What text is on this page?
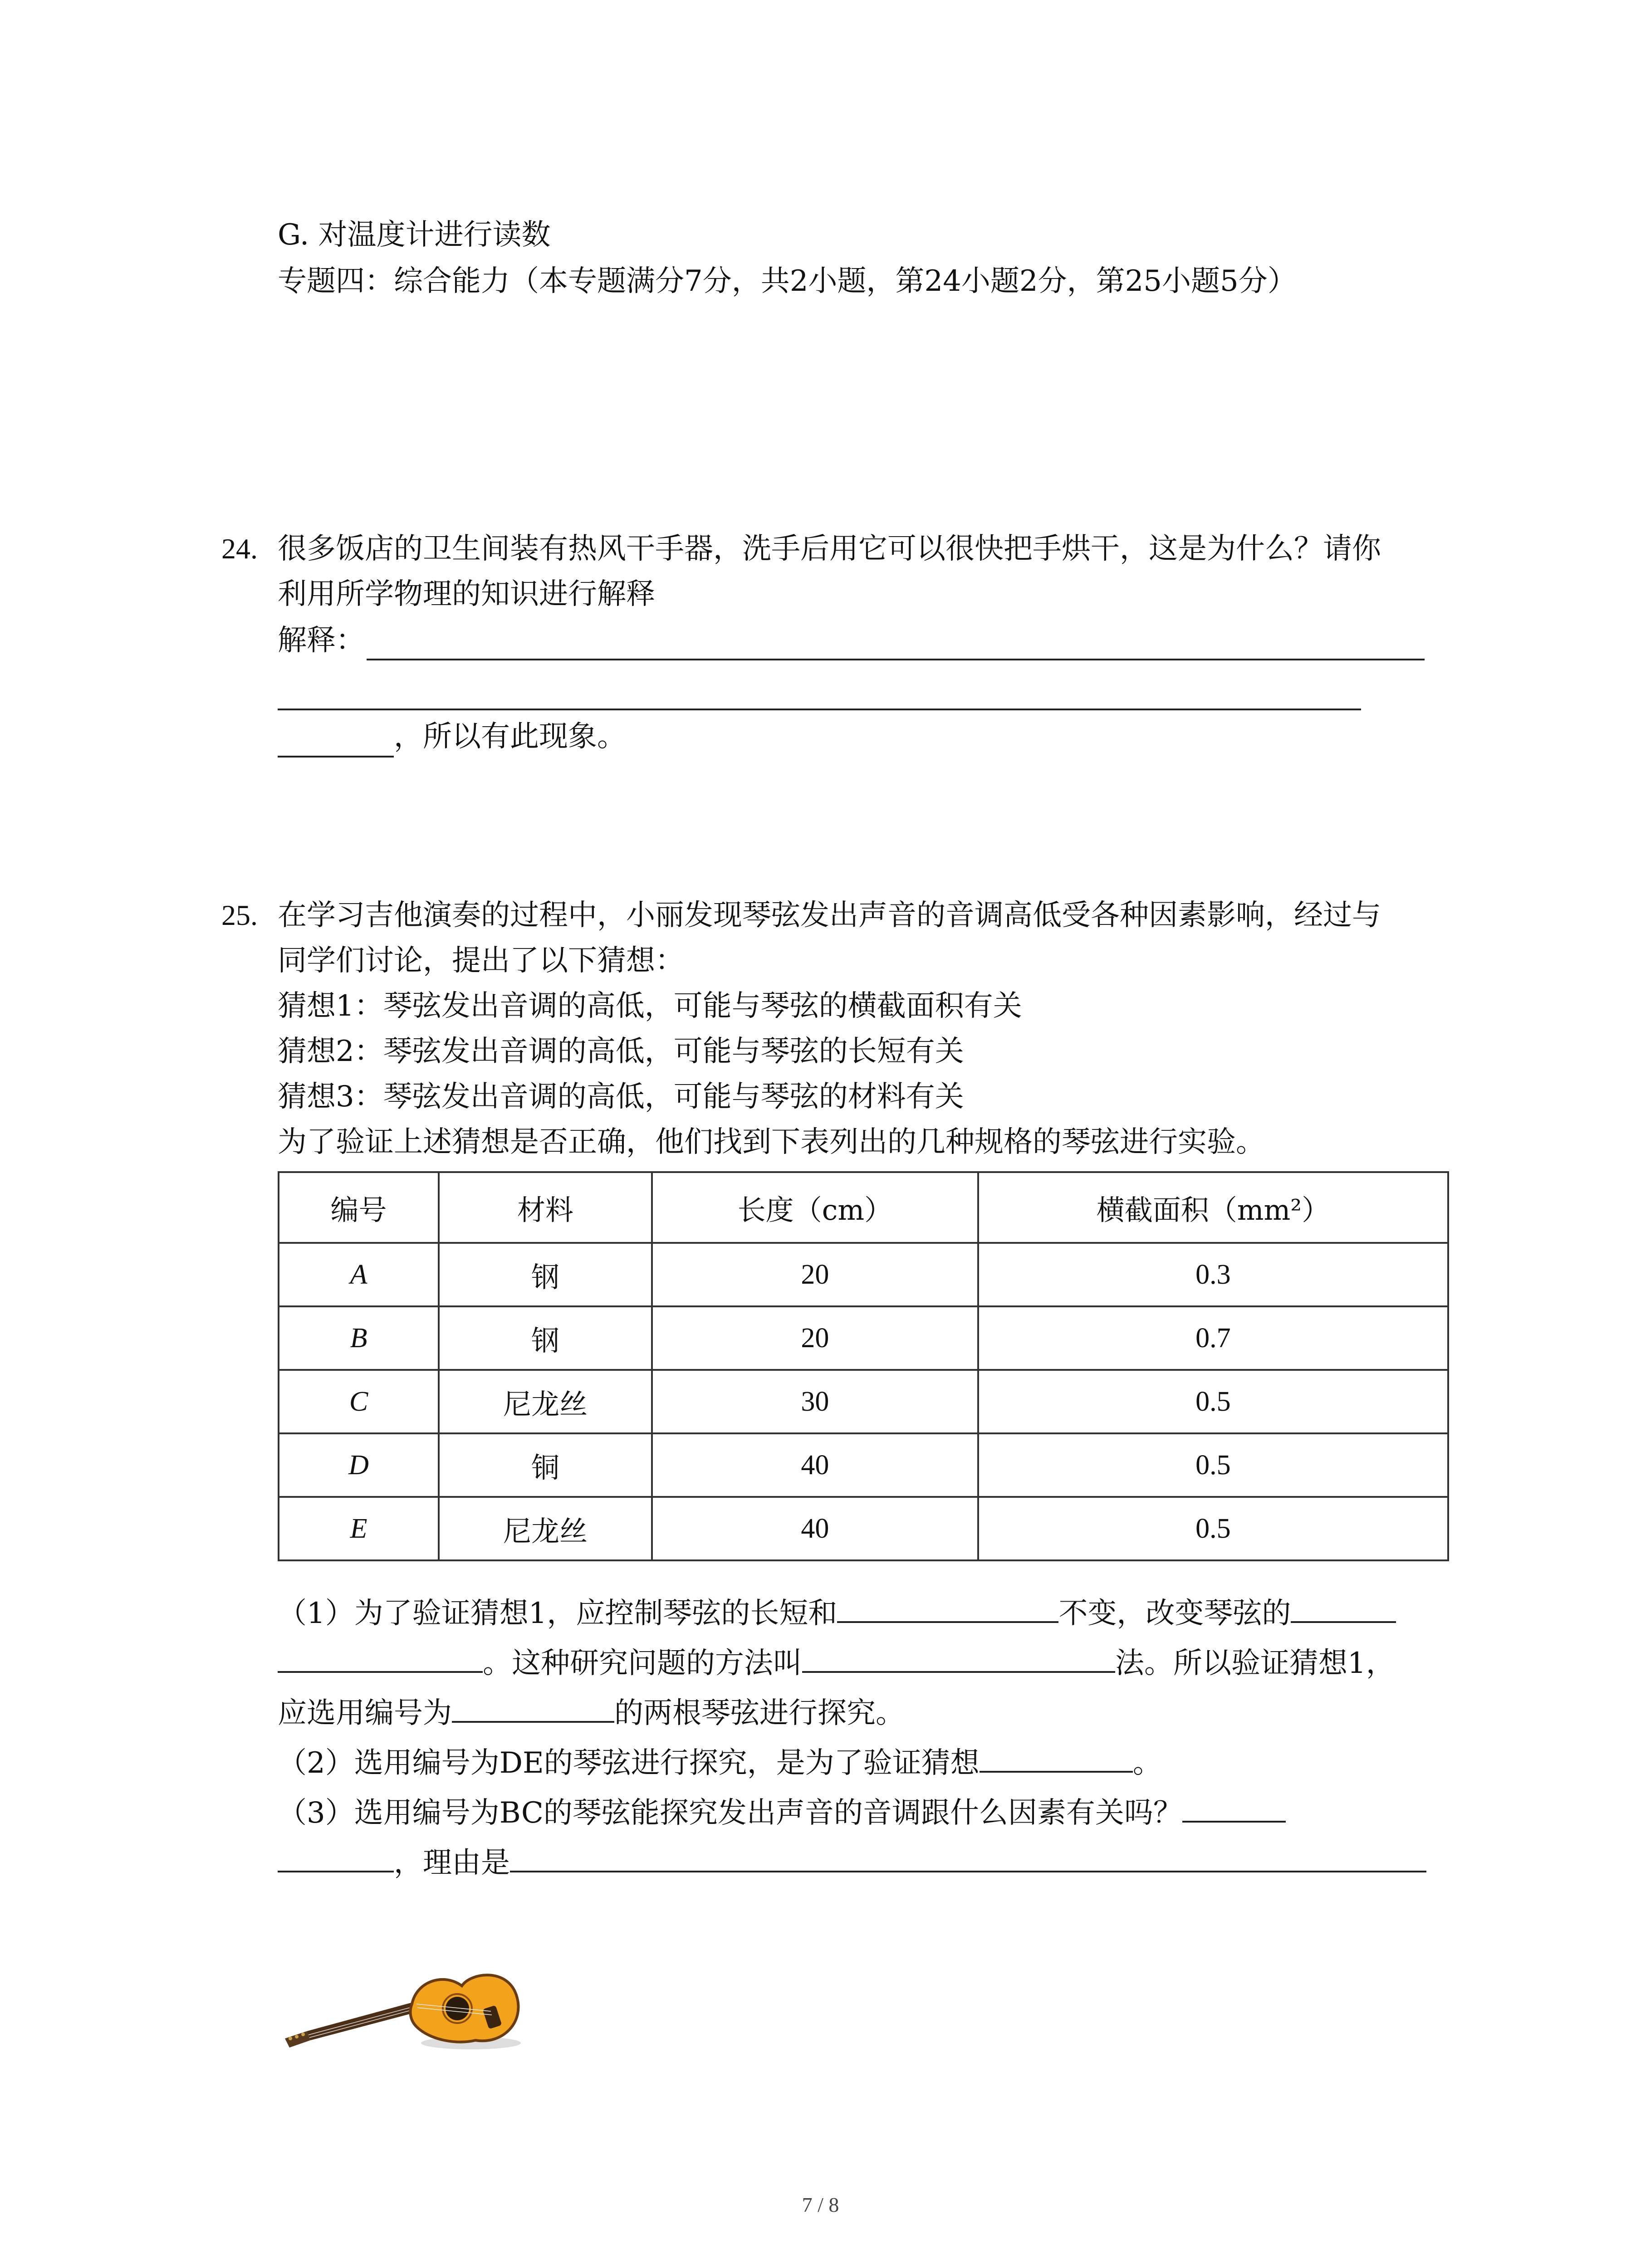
G. 对温度计进行读数
专题四：综合能力（本专题满分7分，共2小题，第24小题2分，第25小题5分）
24. 很多饭店的卫生间装有热风干手器，洗手后用它可以很快把手烘干，这是为什么？请你
利用所学物理的知识进行解释
解释：
，所以有此现象。
25. 在学习吉他演奏的过程中，小丽发现琴弦发出声音的音调高低受各种因素影响，经过与
同学们讨论，提出了以下猜想：
猜想1：琴弦发出音调的高低，可能与琴弦的横截面积有关
猜想2：琴弦发出音调的高低，可能与琴弦的长短有关
猜想3：琴弦发出音调的高低，可能与琴弦的材料有关
为了验证上述猜想是否正确，他们找到下表列出的几种规格的琴弦进行实验。
编号	材料	长度（cm）	横截面积（mm²）
A	钢	20	0.3
B	钢	20	0.7
C	尼龙丝	30	0.5
D	铜	40	0.5
E	尼龙丝	40	0.5
（1）为了验证猜想1，应控制琴弦的长短和	不变，改变琴弦的
。这种研究问题的方法叫	法。所以验证猜想1，
应选用编号为	的两根琴弦进行探究。
（2）选用编号为DE的琴弦进行探究，是为了验证猜想	。
（3）选用编号为BC的琴弦能探究发出声音的音调跟什么因素有关吗？
，理由是
7 / 8
